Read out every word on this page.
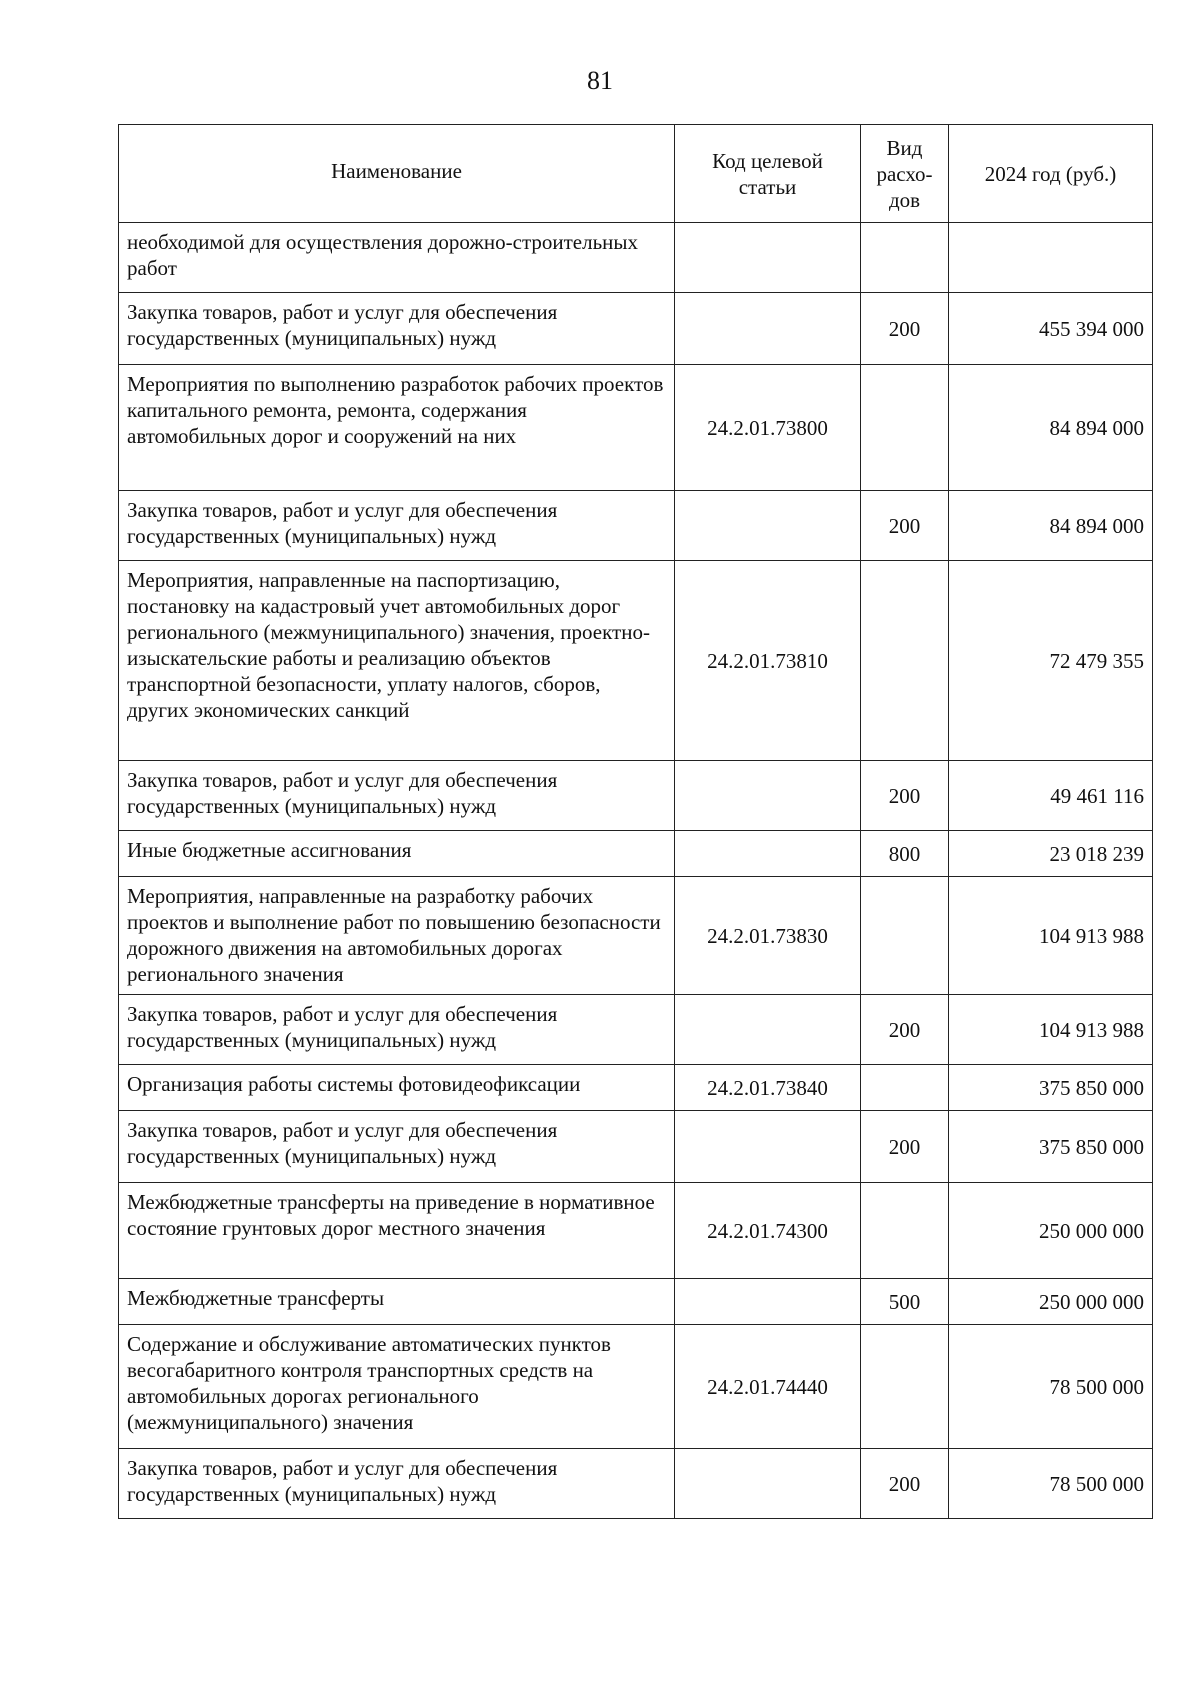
81
Наименование	Код целевой статьи	Вид расхо-дов	2024 год (руб.)
необходимой для осуществления дорожно-строительных работ			
Закупка товаров, работ и услуг для обеспечения государственных (муниципальных) нужд		200	455 394 000
Мероприятия по выполнению разработок рабочих проектов капитального ремонта, ремонта, содержания автомобильных дорог и сооружений на них	24.2.01.73800		84 894 000
Закупка товаров, работ и услуг для обеспечения государственных (муниципальных) нужд		200	84 894 000
Мероприятия, направленные на паспортизацию, постановку на кадастровый учет автомобильных дорог регионального (межмуниципального) значения, проектно-изыскательские работы и реализацию объектов транспортной безопасности, уплату налогов, сборов, других экономических санкций	24.2.01.73810		72 479 355
Закупка товаров, работ и услуг для обеспечения государственных (муниципальных) нужд		200	49 461 116
Иные бюджетные ассигнования		800	23 018 239
Мероприятия, направленные на разработку рабочих проектов и выполнение работ по повышению безопасности дорожного движения на автомобильных дорогах регионального значения	24.2.01.73830		104 913 988
Закупка товаров, работ и услуг для обеспечения государственных (муниципальных) нужд		200	104 913 988
Организация работы системы фотовидеофиксации	24.2.01.73840		375 850 000
Закупка товаров, работ и услуг для обеспечения государственных (муниципальных) нужд		200	375 850 000
Межбюджетные трансферты на приведение в нормативное состояние грунтовых дорог местного значения	24.2.01.74300		250 000 000
Межбюджетные трансферты		500	250 000 000
Содержание и обслуживание автоматических пунктов весогабаритного контроля транспортных средств на автомобильных дорогах регионального (межмуниципального) значения	24.2.01.74440		78 500 000
Закупка товаров, работ и услуг для обеспечения государственных (муниципальных) нужд		200	78 500 000
